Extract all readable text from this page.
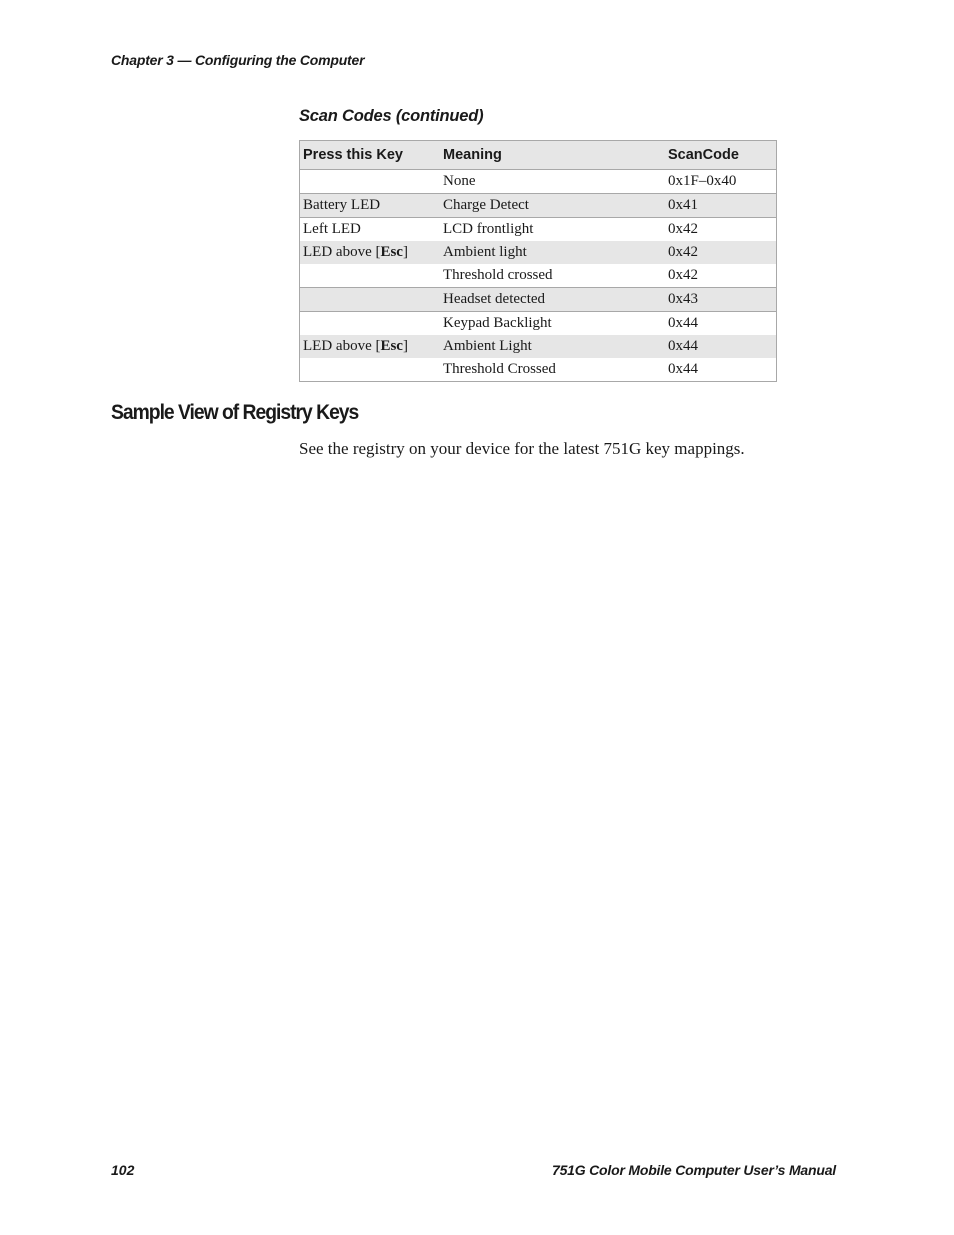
Chapter 3 — Configuring the Computer
Scan Codes (continued)
Press this Key	Meaning	ScanCode
	None	0x1F–0x40
Battery LED	Charge Detect	0x41
Left LED	LCD frontlight	0x42
LED above [Esc]	Ambient light	0x42
	Threshold crossed	0x42
	Headset detected	0x43
	Keypad Backlight	0x44
LED above [Esc]	Ambient Light	0x44
	Threshold Crossed	0x44
Sample View of Registry Keys
See the registry on your device for the latest 751G key mappings.
102	751G Color Mobile Computer User’s Manual
